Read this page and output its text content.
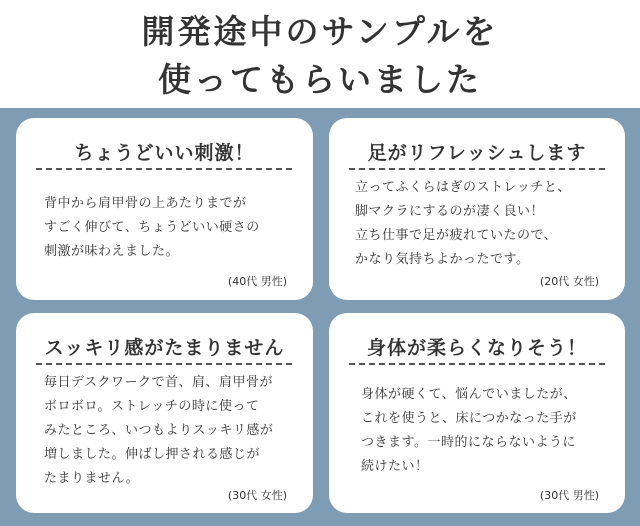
開発途中のサンプルを
使ってもらいました
ちょうどいい刺激！
背中から肩甲骨の上あたりまでが
すごく伸びて、ちょうどいい硬さの
刺激が味わえました。
(40代 男性)
足がリフレッシュします
立ってふくらはぎのストレッチと、
脚マクラにするのが凄く良い！
立ち仕事で足が疲れていたので、
かなり気持ちよかったです。
(20代 女性)
スッキリ感がたまりません
毎日デスクワークで首、肩、肩甲骨が
ボロボロ。ストレッチの時に使って
みたところ、いつもよりスッキリ感が
増しました。伸ばし押される感じが
たまりません。
(30代 女性)
身体が柔らくなりそう！
身体が硬くて、悩んでいましたが、
これを使うと、床につかなった手が
つきます。一時的にならないように
続けたい！
(30代 男性)
